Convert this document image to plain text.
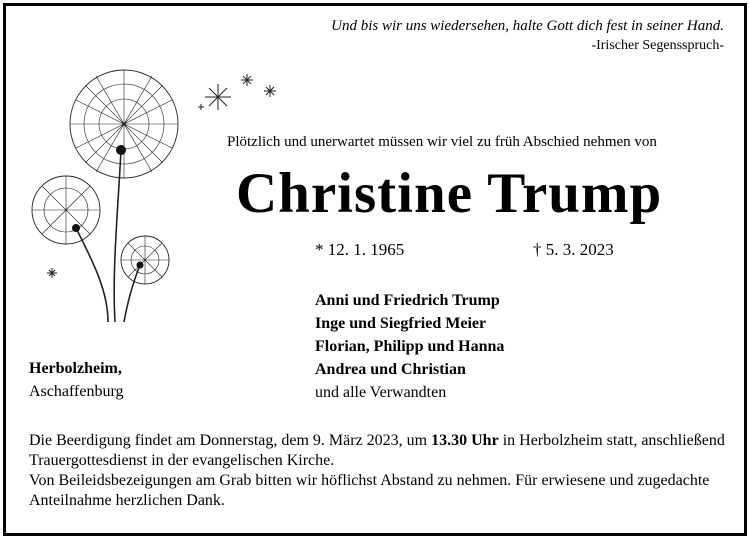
Und bis wir uns wiedersehen, halte Gott dich fest in seiner Hand.
-Irischer Segensspruch-
Plötzlich und unerwartet müssen wir viel zu früh Abschied nehmen von
Christine Trump
* 12. 1. 1965	† 5. 3. 2023
Anni und Friedrich Trump
Inge und Siegfried Meier
Florian, Philipp und Hanna
Andrea und Christian
und alle Verwandten
Herbolzheim,
Aschaffenburg
Die Beerdigung findet am Donnerstag, dem 9. März 2023, um 13.30 Uhr in Herbolzheim statt, anschließend Trauergottesdienst in der evangelischen Kirche.
Von Beileidsbezeigungen am Grab bitten wir höflichst Abstand zu nehmen. Für erwiesene und zugedachte Anteilnahme herzlichen Dank.
